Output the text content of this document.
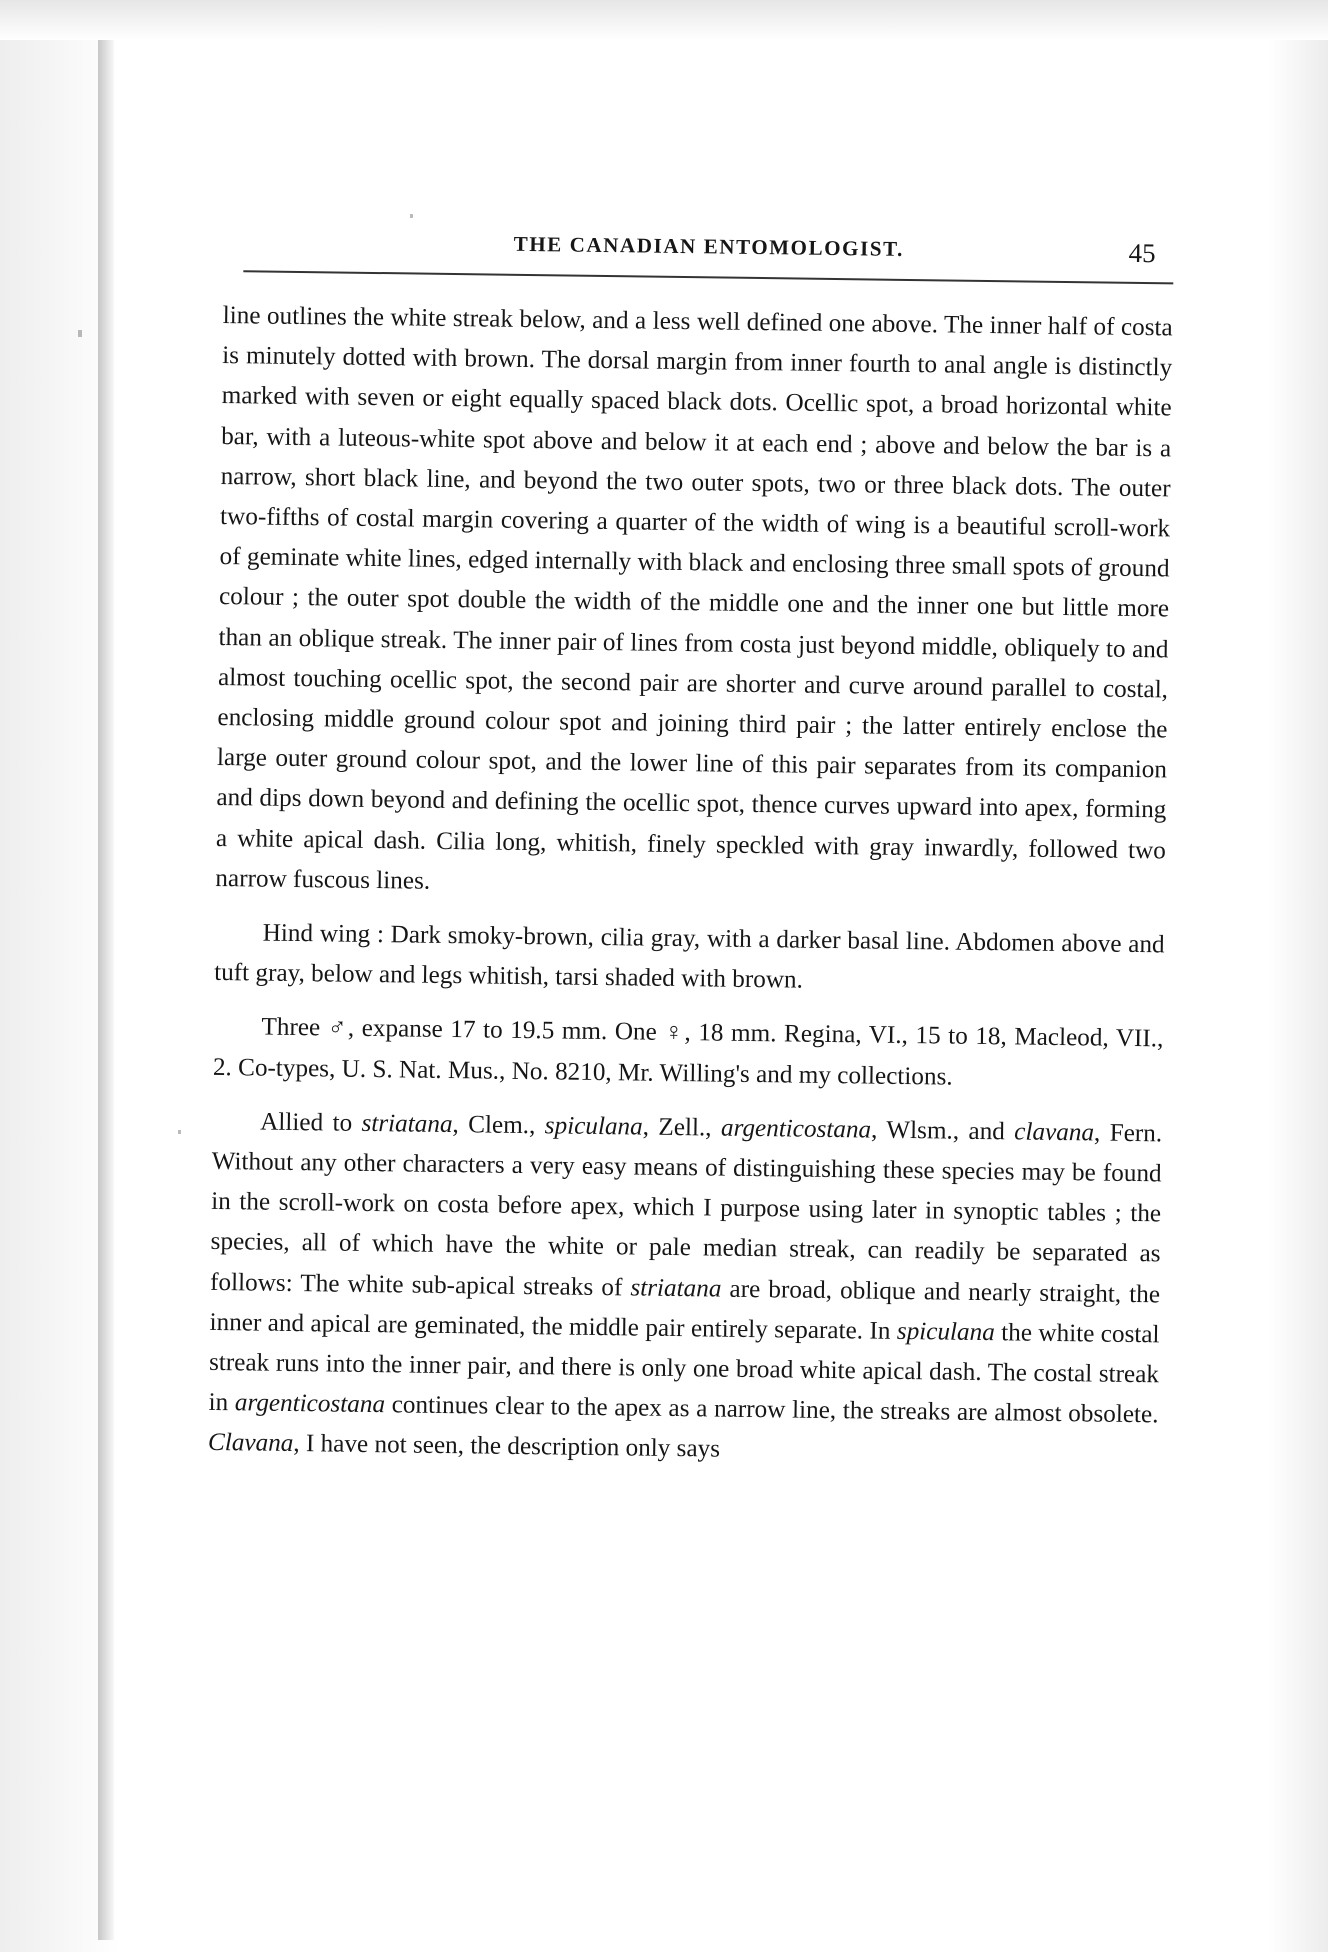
THE CANADIAN ENTOMOLOGIST.	45

line outlines the white streak below, and a less well defined one above. The inner half of costa is minutely dotted with brown. The dorsal margin from inner fourth to anal angle is distinctly marked with seven or eight equally spaced black dots. Ocellic spot, a broad horizontal white bar, with a luteous-white spot above and below it at each end ; above and below the bar is a narrow, short black line, and beyond the two outer spots, two or three black dots. The outer two-fifths of costal margin covering a quarter of the width of wing is a beautiful scroll-work of geminate white lines, edged internally with black and enclosing three small spots of ground colour ; the outer spot double the width of the middle one and the inner one but little more than an oblique streak. The inner pair of lines from costa just beyond middle, obliquely to and almost touching ocellic spot, the second pair are shorter and curve around parallel to costal, enclosing middle ground colour spot and joining third pair ; the latter entirely enclose the large outer ground colour spot, and the lower line of this pair separates from its companion and dips down beyond and defining the ocellic spot, thence curves upward into apex, forming a white apical dash. Cilia long, whitish, finely speckled with gray inwardly, followed two narrow fuscous lines.

Hind wing : Dark smoky-brown, cilia gray, with a darker basal line. Abdomen above and tuft gray, below and legs whitish, tarsi shaded with brown.

Three ♂, expanse 17 to 19.5 mm. One ♀, 18 mm. Regina, VI., 15 to 18, Macleod, VII., 2. Co-types, U. S. Nat. Mus., No. 8210, Mr. Willing's and my collections.

Allied to striatana, Clem., spiculana, Zell., argenticostana, Wlsm., and clavana, Fern. Without any other characters a very easy means of distinguishing these species may be found in the scroll-work on costa before apex, which I purpose using later in synoptic tables ; the species, all of which have the white or pale median streak, can readily be separated as follows: The white sub-apical streaks of striatana are broad, oblique and nearly straight, the inner and apical are geminated, the middle pair entirely separate. In spiculana the white costal streak runs into the inner pair, and there is only one broad white apical dash. The costal streak in argenticostana continues clear to the apex as a narrow line, the streaks are almost obsolete. Clavana, I have not seen, the description only says
